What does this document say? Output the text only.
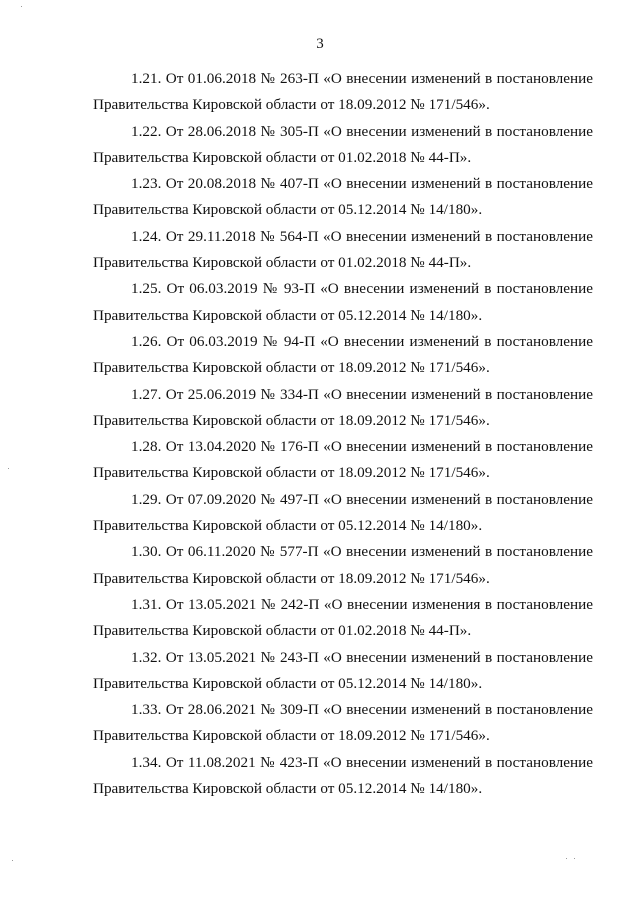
3
1.21. От 01.06.2018 № 263-П «О внесении изменений в постановление
Правительства Кировской области от 18.09.2012 № 171/546».
1.22. От 28.06.2018 № 305-П «О внесении изменений в постановление
Правительства Кировской области от 01.02.2018 № 44-П».
1.23. От 20.08.2018 № 407-П «О внесении изменений в постановление
Правительства Кировской области от 05.12.2014 № 14/180».
1.24. От 29.11.2018 № 564-П «О внесении изменений в постановление
Правительства Кировской области от 01.02.2018 № 44-П».
1.25. От 06.03.2019 № 93-П «О внесении изменений в постановление
Правительства Кировской области от 05.12.2014 № 14/180».
1.26. От 06.03.2019 № 94-П «О внесении изменений в постановление
Правительства Кировской области от 18.09.2012 № 171/546».
1.27. От 25.06.2019 № 334-П «О внесении изменений в постановление
Правительства Кировской области от 18.09.2012 № 171/546».
1.28. От 13.04.2020 № 176-П «О внесении изменений в постановление
Правительства Кировской области от 18.09.2012 № 171/546».
1.29. От 07.09.2020 № 497-П «О внесении изменений в постановление
Правительства Кировской области от 05.12.2014 № 14/180».
1.30. От 06.11.2020 № 577-П «О внесении изменений в постановление
Правительства Кировской области от 18.09.2012 № 171/546».
1.31. От 13.05.2021 № 242-П «О внесении изменения в постановление
Правительства Кировской области от 01.02.2018 № 44-П».
1.32. От 13.05.2021 № 243-П «О внесении изменений в постановление
Правительства Кировской области от 05.12.2014 № 14/180».
1.33. От 28.06.2021 № 309-П «О внесении изменений в постановление
Правительства Кировской области от 18.09.2012 № 171/546».
1.34. От 11.08.2021 № 423-П «О внесении изменений в постановление
Правительства Кировской области от 05.12.2014 № 14/180».
